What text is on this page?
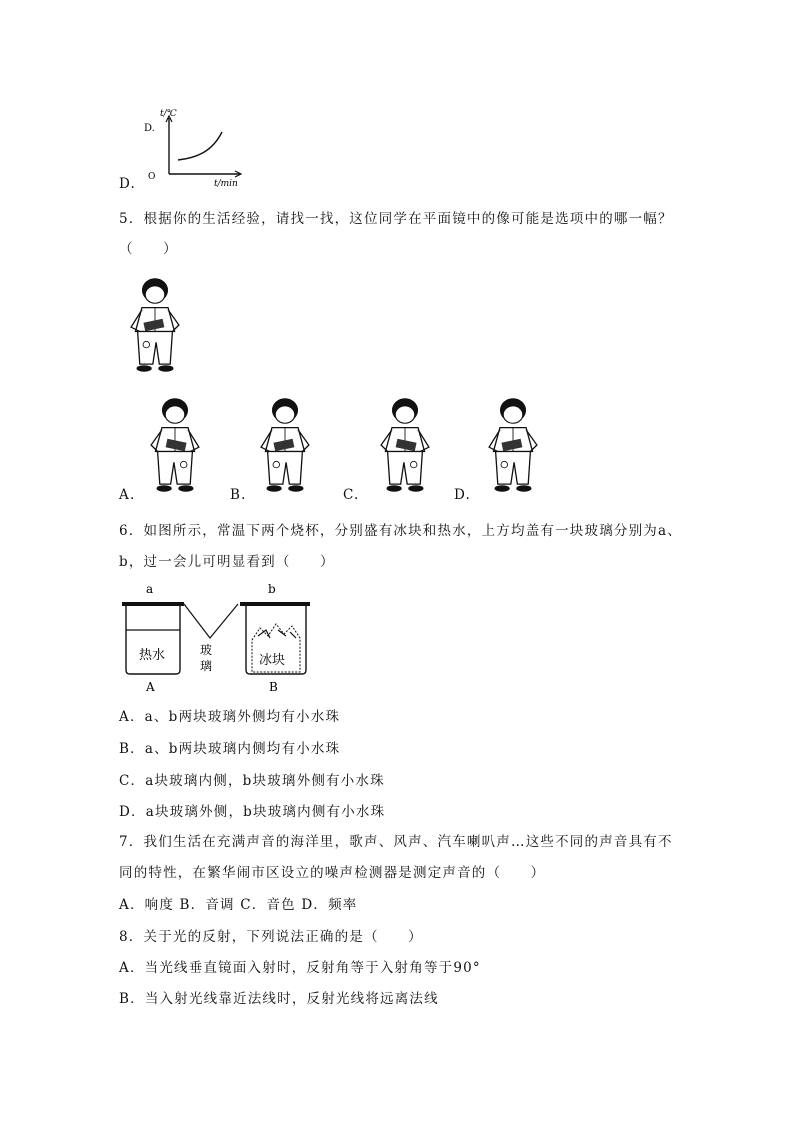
t/℃
D.
O
t/min
D.
5．根据你的生活经验，请找一找，这位同学在平面镜中的像可能是选项中的哪一幅？
（　　）
A.	B.	C.	D.
6．如图所示，常温下两个烧杯，分别盛有冰块和热水，上方均盖有一块玻璃分别为a、
b，过一会儿可明显看到（　　）
a	b
玻
璃
热水	冰块
A	B
A．a、b两块玻璃外侧均有小水珠
B．a、b两块玻璃内侧均有小水珠
C．a块玻璃内侧，b块玻璃外侧有小水珠
D．a块玻璃外侧，b块玻璃内侧有小水珠
7．我们生活在充满声音的海洋里，歌声、风声、汽车喇叭声…这些不同的声音具有不
同的特性，在繁华闹市区设立的噪声检测器是测定声音的（　　）
A．响度 B．音调 C．音色 D．频率
8．关于光的反射，下列说法正确的是（　　）
A．当光线垂直镜面入射时，反射角等于入射角等于90°
B．当入射光线靠近法线时，反射光线将远离法线
